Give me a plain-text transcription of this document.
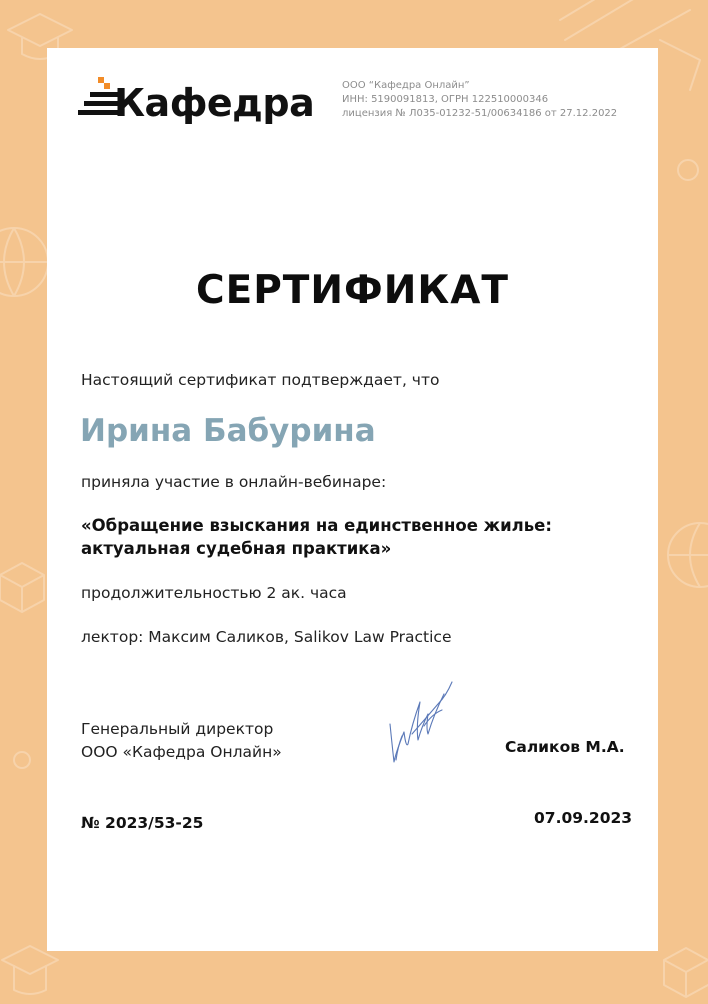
Кафедра	ООО “Кафедра Онлайн”
ИНН: 5190091813, ОГРН 122510000346
лицензия № Л035-01232-51/00634186 от 27.12.2022
СЕРТИФИКАТ
Настоящий сертификат подтверждает, что
Ирина Бабурина
приняла участие в онлайн-вебинаре:
«Обращение взыскания на единственное жилье:
актуальная судебная практика»
продолжительностью 2 ак. часа
лектор: Максим Саликов, Salikov Law Practice
Генеральный директор
ООО «Кафедра Онлайн»	Саликов М.А.
№ 2023/53-25	07.09.2023
